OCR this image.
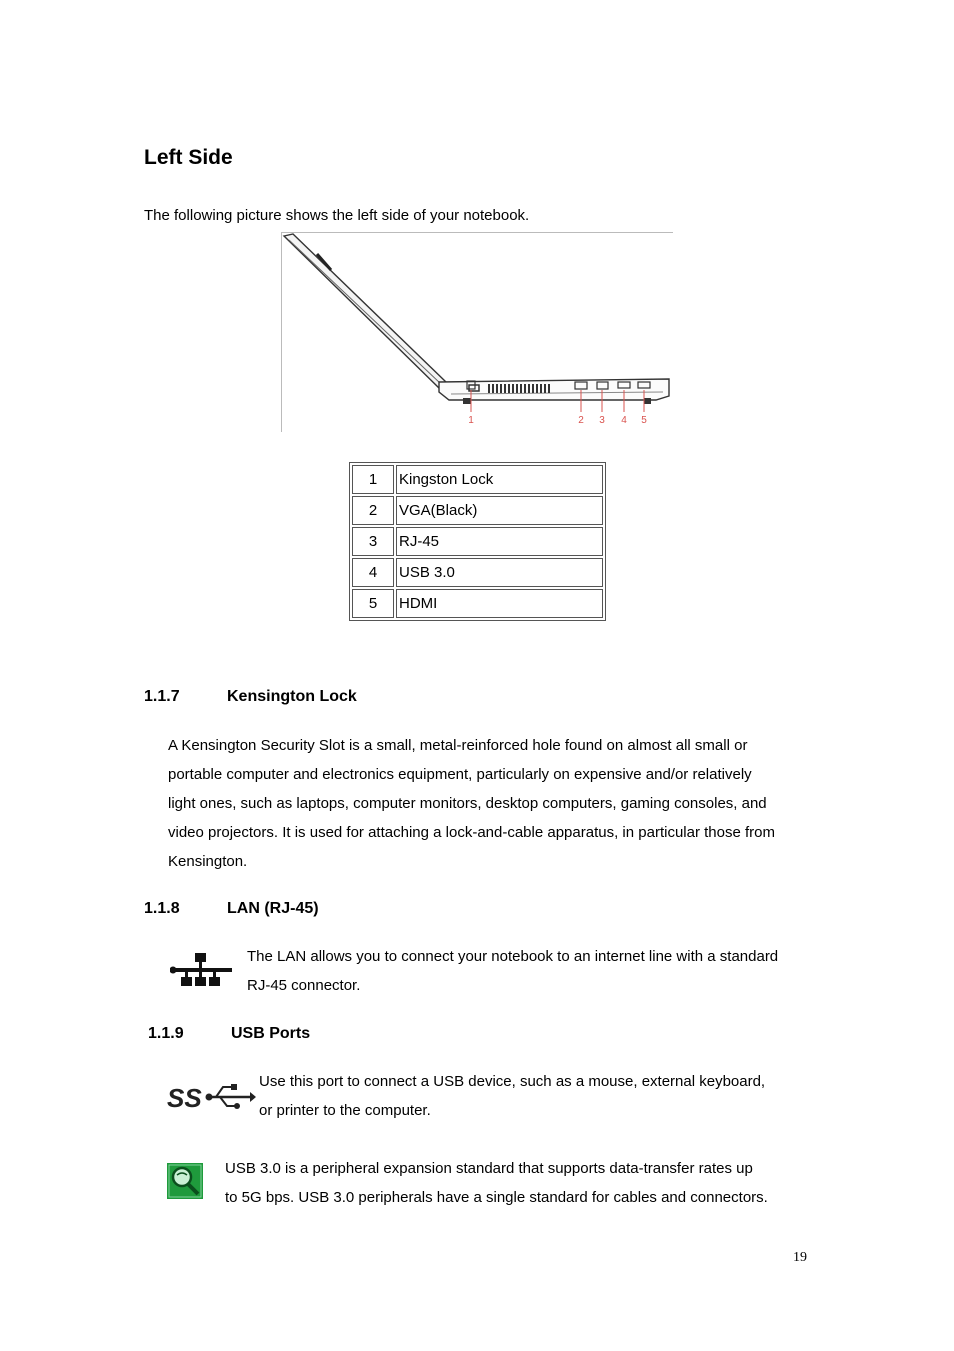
Left Side
The following picture shows the left side of your notebook.
1	2 3 4 5
1	Kingston Lock
2	VGA(Black)
3	RJ-45
4	USB 3.0
5	HDMI
1.1.7	Kensington Lock
A Kensington Security Slot is a small, metal-reinforced hole found on almost all small or
portable computer and electronics equipment, particularly on expensive and/or relatively
light ones, such as laptops, computer monitors, desktop computers, gaming consoles, and
video projectors. It is used for attaching a lock-and-cable apparatus, in particular those from
Kensington.
1.1.8	LAN (RJ-45)
The LAN allows you to connect your notebook to an internet line with a standard
RJ-45 connector.
1.1.9	USB Ports
SS
Use this port to connect a USB device, such as a mouse, external keyboard,
or printer to the computer.
USB 3.0 is a peripheral expansion standard that supports data-transfer rates up
to 5G bps. USB 3.0 peripherals have a single standard for cables and connectors.
19
